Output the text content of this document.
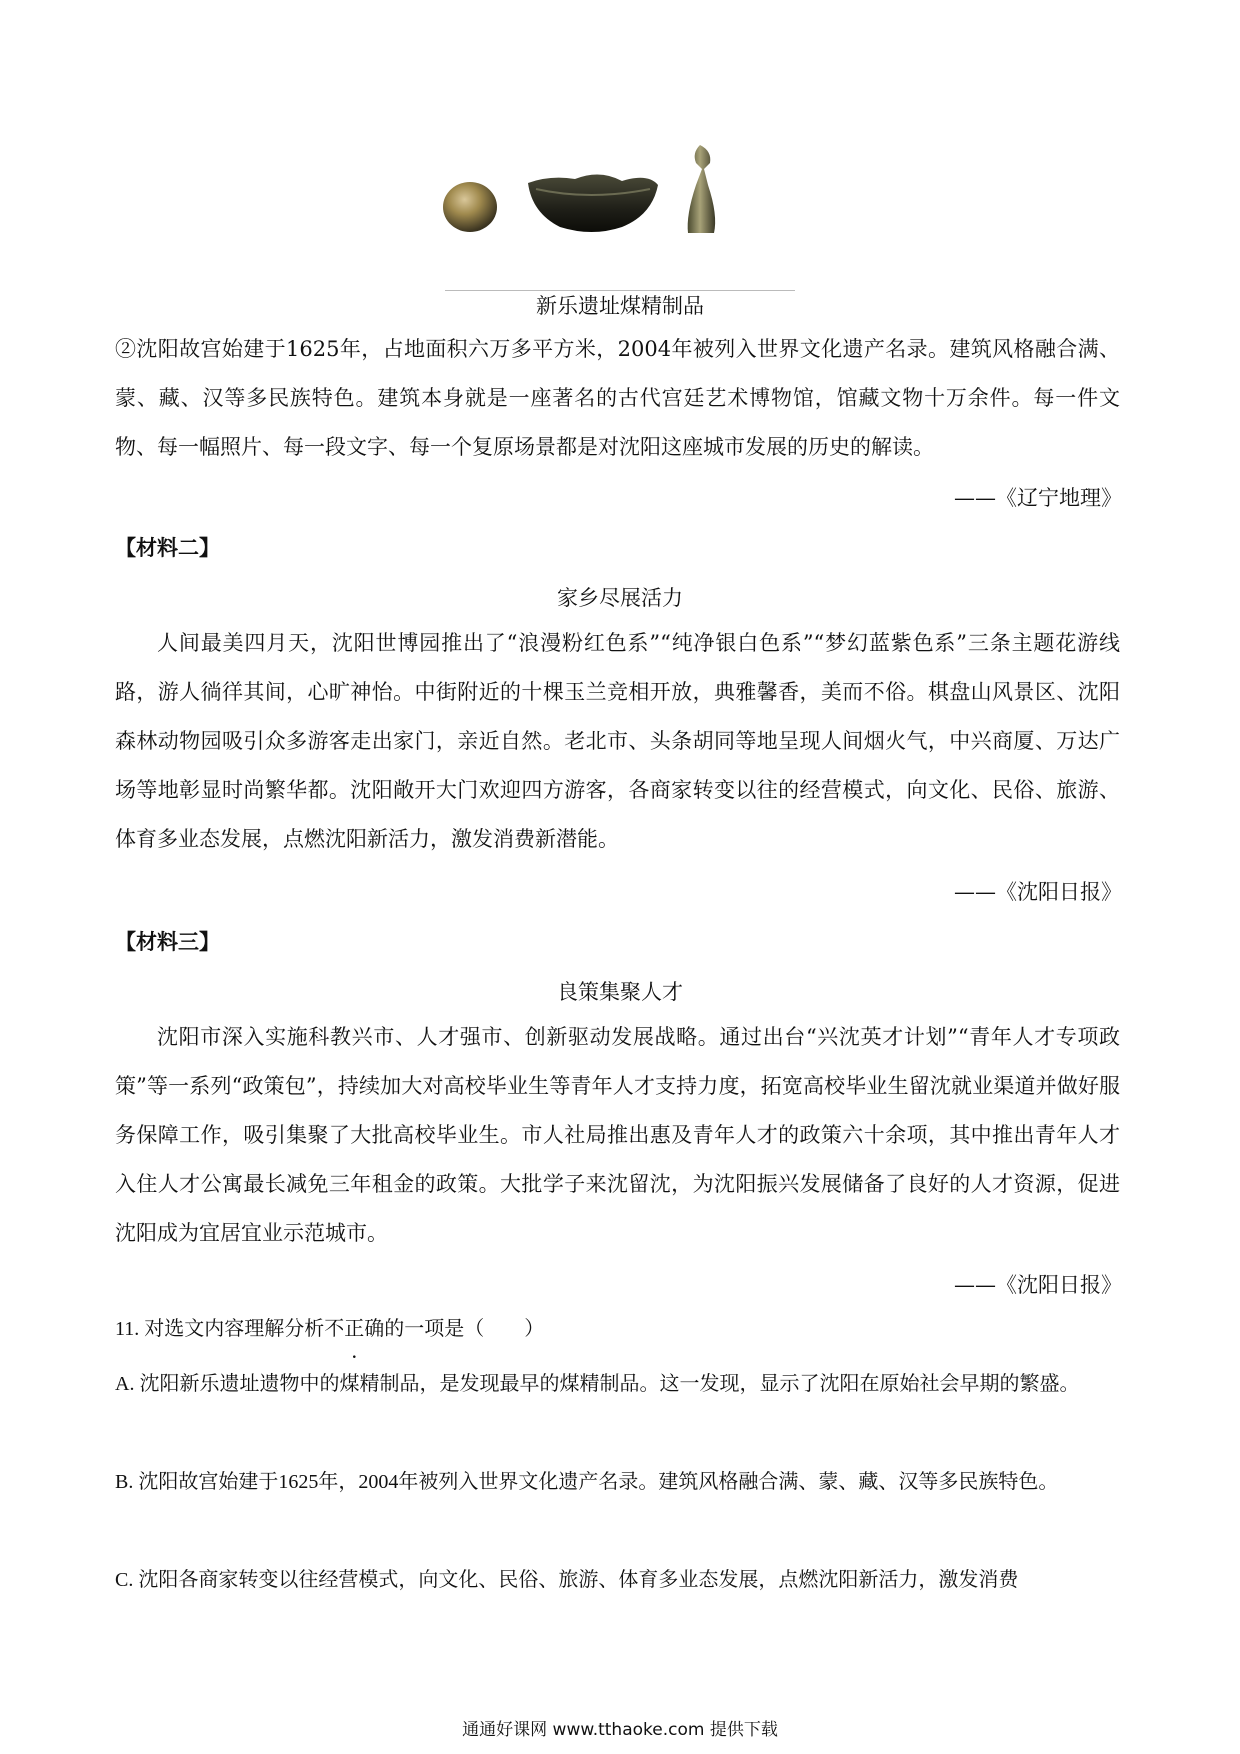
新乐遗址煤精制品

②沈阳故宫始建于1625年，占地面积六万多平方米，2004年被列入世界文化遗产名录。建筑风格融合满、蒙、藏、汉等多民族特色。建筑本身就是一座著名的古代宫廷艺术博物馆，馆藏文物十万余件。每一件文物、每一幅照片、每一段文字、每一个复原场景都是对沈阳这座城市发展的历史的解读。

——《辽宁地理》
【材料二】
家乡尽展活力

人间最美四月天，沈阳世博园推出了“浪漫粉红色系”“纯净银白色系”“梦幻蓝紫色系”三条主题花游线路，游人徜徉其间，心旷神怡。中街附近的十棵玉兰竞相开放，典雅馨香，美而不俗。棋盘山风景区、沈阳森林动物园吸引众多游客走出家门，亲近自然。老北市、头条胡同等地呈现人间烟火气，中兴商厦、万达广场等地彰显时尚繁华都。沈阳敞开大门欢迎四方游客，各商家转变以往的经营模式，向文化、民俗、旅游、体育多业态发展，点燃沈阳新活力，激发消费新潜能。

——《沈阳日报》
【材料三】
良策集聚人才

沈阳市深入实施科教兴市、人才强市、创新驱动发展战略。通过出台“兴沈英才计划”“青年人才专项政策”等一系列“政策包”，持续加大对高校毕业生等青年人才支持力度，拓宽高校毕业生留沈就业渠道并做好服务保障工作，吸引集聚了大批高校毕业生。市人社局推出惠及青年人才的政策六十余项，其中推出青年人才入住人才公寓最长减免三年租金的政策。大批学子来沈留沈，为沈阳振兴发展储备了良好的人才资源，促进沈阳成为宜居宜业示范城市。

——《沈阳日报》

11. 对选文内容理解分析不正确的一项是（　　）

A. 沈阳新乐遗址遗物中的煤精制品，是发现最早的煤精制品。这一发现，显示了沈阳在原始社会早期的繁盛。

B. 沈阳故宫始建于1625年，2004年被列入世界文化遗产名录。建筑风格融合满、蒙、藏、汉等多民族特色。

C. 沈阳各商家转变以往经营模式，向文化、民俗、旅游、体育多业态发展，点燃沈阳新活力，激发消费

通通好课网 www.tthaoke.com 提供下载
